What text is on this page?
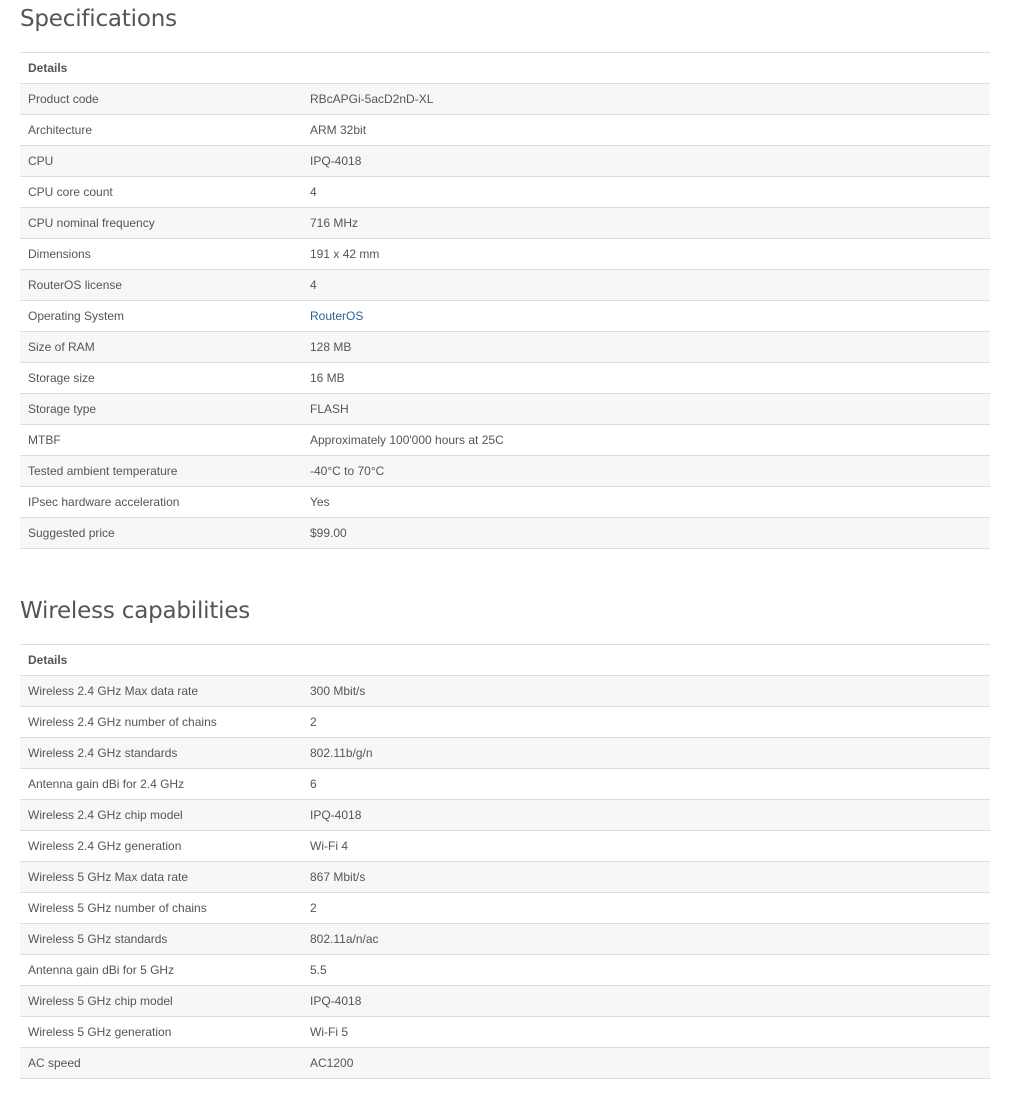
Specifications
Details	
Product code	RBcAPGi-5acD2nD-XL
Architecture	ARM 32bit
CPU	IPQ-4018
CPU core count	4
CPU nominal frequency	716 MHz
Dimensions	191 x 42 mm
RouterOS license	4
Operating System	RouterOS
Size of RAM	128 MB
Storage size	16 MB
Storage type	FLASH
MTBF	Approximately 100'000 hours at 25C
Tested ambient temperature	-40°C to 70°C
IPsec hardware acceleration	Yes
Suggested price	$99.00
Wireless capabilities
Details	
Wireless 2.4 GHz Max data rate	300 Mbit/s
Wireless 2.4 GHz number of chains	2
Wireless 2.4 GHz standards	802.11b/g/n
Antenna gain dBi for 2.4 GHz	6
Wireless 2.4 GHz chip model	IPQ-4018
Wireless 2.4 GHz generation	Wi-Fi 4
Wireless 5 GHz Max data rate	867 Mbit/s
Wireless 5 GHz number of chains	2
Wireless 5 GHz standards	802.11a/n/ac
Antenna gain dBi for 5 GHz	5.5
Wireless 5 GHz chip model	IPQ-4018
Wireless 5 GHz generation	Wi-Fi 5
AC speed	AC1200
